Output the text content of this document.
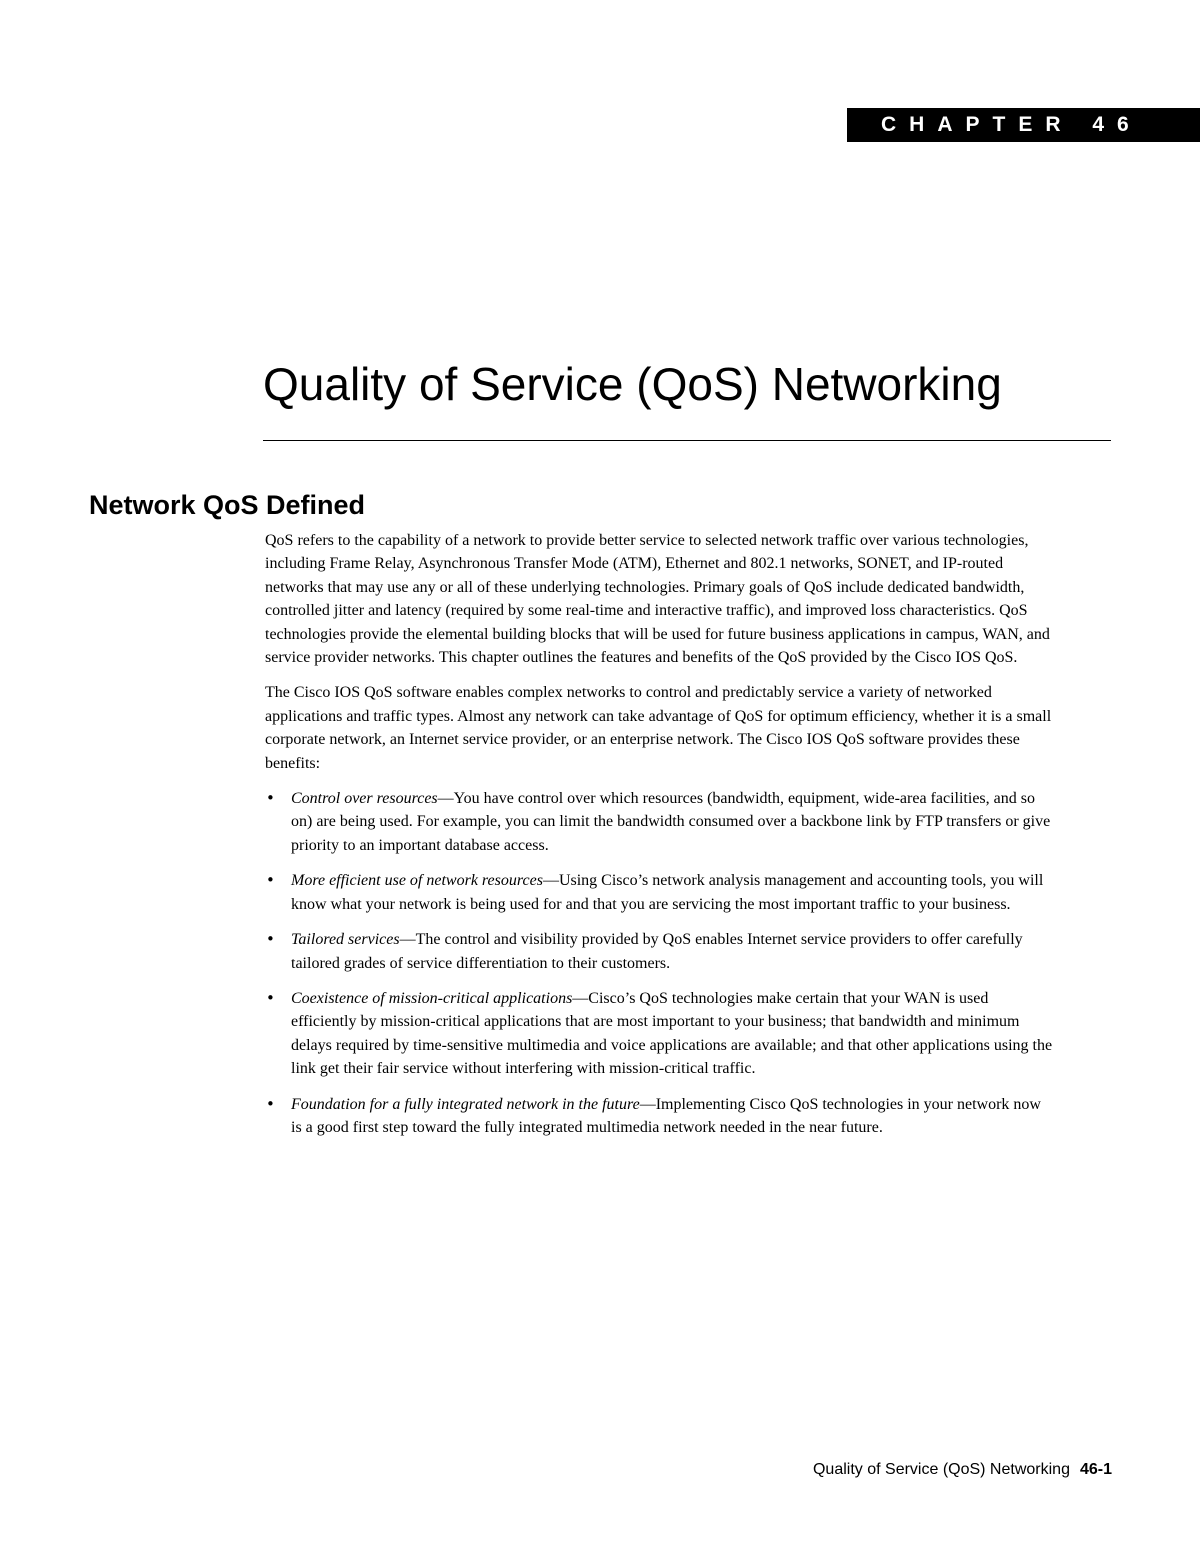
CHAPTER 46
Quality of Service (QoS) Networking
Network QoS Defined

QoS refers to the capability of a network to provide better service to selected network traffic over various technologies, including Frame Relay, Asynchronous Transfer Mode (ATM), Ethernet and 802.1 networks, SONET, and IP-routed networks that may use any or all of these underlying technologies. Primary goals of QoS include dedicated bandwidth, controlled jitter and latency (required by some real-time and interactive traffic), and improved loss characteristics. QoS technologies provide the elemental building blocks that will be used for future business applications in campus, WAN, and service provider networks. This chapter outlines the features and benefits of the QoS provided by the Cisco IOS QoS.

The Cisco IOS QoS software enables complex networks to control and predictably service a variety of networked applications and traffic types. Almost any network can take advantage of QoS for optimum efficiency, whether it is a small corporate network, an Internet service provider, or an enterprise network. The Cisco IOS QoS software provides these benefits:

• Control over resources—You have control over which resources (bandwidth, equipment, wide-area facilities, and so on) are being used. For example, you can limit the bandwidth consumed over a backbone link by FTP transfers or give priority to an important database access.
• More efficient use of network resources—Using Cisco’s network analysis management and accounting tools, you will know what your network is being used for and that you are servicing the most important traffic to your business.
• Tailored services—The control and visibility provided by QoS enables Internet service providers to offer carefully tailored grades of service differentiation to their customers.
• Coexistence of mission-critical applications—Cisco’s QoS technologies make certain that your WAN is used efficiently by mission-critical applications that are most important to your business; that bandwidth and minimum delays required by time-sensitive multimedia and voice applications are available; and that other applications using the link get their fair service without interfering with mission-critical traffic.
• Foundation for a fully integrated network in the future—Implementing Cisco QoS technologies in your network now is a good first step toward the fully integrated multimedia network needed in the near future.
Quality of Service (QoS) Networking 46-1
